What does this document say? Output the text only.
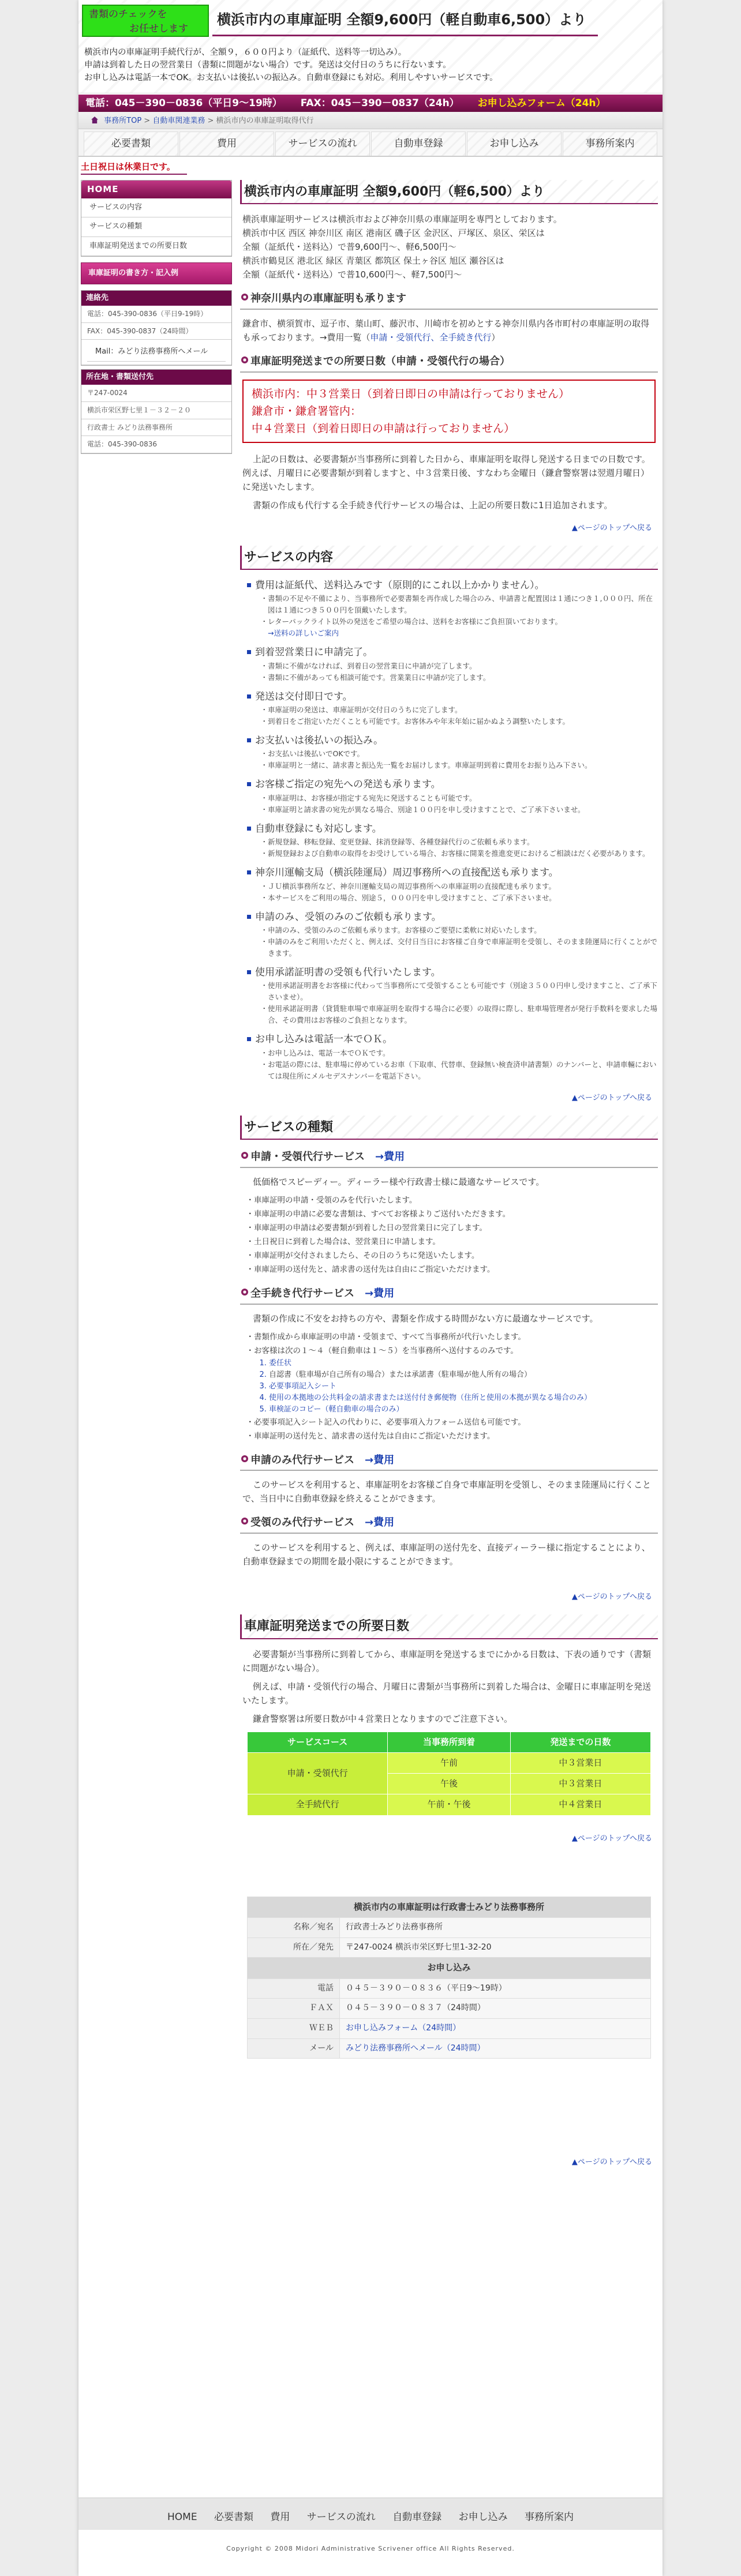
書類のチェックを
お任せします
横浜市内の車庫証明 全額9,600円（軽自動車6,500）より
横浜市内の車庫証明手続代行が、全額９，６００円より（証紙代、送料等一切込み）。
申請は到着した日の翌営業日（書類に問題がない場合）です。発送は交付日のうちに行ないます。
お申し込みは電話一本でOK。お支払いは後払いの振込み。自動車登録にも対応。利用しやすいサービスです。
電話：045－390－0836（平日9～19時） FAX：045－390－0837（24h） お申し込みフォーム（24h）
事務所TOP > 自動車関連業務 > 横浜市内の車庫証明取得代行
必要書類	費用	サービスの流れ	自動車登録	お申し込み	事務所案内
土日祝日は休業日です。
HOME
サービスの内容
サービスの種類
車庫証明発送までの所要日数
車庫証明の書き方・記入例
連絡先
電話：045-390-0836（平日9-19時）
FAX：045-390-0837（24時間）
Mail：みどり法務事務所へメール
所在地・書類送付先
〒247-0024
横浜市栄区野七里１－３２－２０
行政書士 みどり法務事務所
電話：045-390-0836
横浜市内の車庫証明 全額9,600円（軽6,500）より
横浜車庫証明サービスは横浜市および神奈川県の車庫証明を専門としております。
横浜市中区 西区 神奈川区 南区 港南区 磯子区 金沢区、戸塚区、泉区、栄区は
全額（証紙代・送料込）で普9,600円〜、軽6,500円〜
横浜市鶴見区 港北区 緑区 青葉区 都筑区 保土ヶ谷区 旭区 瀬谷区は
全額（証紙代・送料込）で普10,600円〜、軽7,500円〜
神奈川県内の車庫証明も承ります

鎌倉市、横須賀市、逗子市、葉山町、藤沢市、川崎市を初めとする神奈川県内各市町村の車庫証明の取得も承っております。→費用一覧（申請・受領代行、全手続き代行）

車庫証明発送までの所要日数（申請・受領代行の場合）
横浜市内：中３営業日（到着日即日の申請は行っておりません）
鎌倉市・鎌倉署管内：
中４営業日（到着日即日の申請は行っておりません）

上記の日数は、必要書類が当事務所に到着した日から、車庫証明を取得し発送する日までの日数です。例えば、月曜日に必要書類が到着しますと、中３営業日後、すなわち金曜日（鎌倉警察署は翌週月曜日）に発送いたします。

書類の作成も代行する全手続き代行サービスの場合は、上記の所要日数に1日追加されます。

▲ページのトップへ戻る
サービスの内容
費用は証紙代、送料込みです（原則的にこれ以上かかりません）。
・ 書類の不足や不備により、当事務所で必要書類を再作成した場合のみ、申請書と配置図は１通につき１,０００円、所在図は１通につき５００円を頂戴いたします。
・ レターパックライト以外の発送をご希望の場合は、送料をお客様にご負担頂いております。
→送料の詳しいご案内
到着翌営業日に申請完了。
・ 書類に不備がなければ、到着日の翌営業日に申請が完了します。
・ 書類に不備があっても相談可能です。営業業日に申請が完了します。
発送は交付即日です。
・ 車庫証明の発送は、車庫証明が交付日のうちに完了します。
・ 到着日をご指定いただくことも可能です。お客休みや年末年始に届かぬよう調整いたします。
お支払いは後払いの振込み。
・ お支払いは後払いでOKです。
・ 車庫証明と一緒に、請求書と振込先一覧をお届けします。車庫証明到着に費用をお振り込み下さい。
お客様ご指定の宛先への発送も承ります。
・ 車庫証明は、お客様が指定する宛先に発送することも可能です。
・ 車庫証明と請求書の宛先が異なる場合、別途１００円を申し受けますことで、ご了承下さいませ。
自動車登録にも対応します。
・ 新規登録、移転登録、変更登録、抹消登録等、各種登録代行のご依頼も承ります。
・ 新規登録および自動車の取得をお受けしている場合、お客様に開業を推進変更におけるご相談はだく必要があります。
神奈川運輸支局（横浜陸運局）周辺事務所への直接配送も承ります。
・ ＪＵ横浜事務所など、神奈川運輸支局の周辺事務所への車庫証明の直接配達も承ります。
・ 本サービスをご利用の場合、別途５，０００円を申し受けますこと、ご了承下さいませ。
申請のみ、受領のみのご依頼も承ります。
・ 申請のみ、受領のみのご依頼も承ります。お客様のご要望に柔軟に対応いたします。
・ 申請のみをご利用いただくと、例えば、交付日当日にお客様ご自身で車庫証明を受領し、そのまま陸運局に行くことができます。
使用承諾証明書の受領も代行いたします。
・ 使用承諾証明書をお客様に代わって当事務所にて受領することも可能です（別途３５００円申し受けますこと、ご了承下さいませ）。
・ 使用承諾証明書（貸賃駐車場で車庫証明を取得する場合に必要）の取得に際し、駐車場管理者が発行手数料を要求した場合、その費用はお客様のご負担となります。
お申し込みは電話一本でＯＫ。
・ お申し込みは、電話一本でＯＫです。
・ お電話の際には、駐車場に停めているお車（下取車、代替車、登録無い検査済申請書類）のナンバーと、申請車輛においては現住所にメルセデスナンバーを電話下さい。
▲ページのトップへ戻る
サービスの種類
申請・受領代行サービス　 →費用

低価格でスピーディー。ディーラー様や行政書士様に最適なサービスです。

・ 車庫証明の申請・受領のみを代行いたします。
・ 車庫証明の申請に必要な書類は、すべてお客様よりご送付いただきます。
・ 車庫証明の申請は必要書類が到着した日の翌営業日に完了します。
・ 土日祝日に到着した場合は、翌営業日に申請します。
・ 車庫証明が交付されましたら、その日のうちに発送いたします。
・ 車庫証明の送付先と、請求書の送付先は自由にご指定いただけます。
全手続き代行サービス　 →費用

書類の作成に不安をお持ちの方や、書類を作成する時間がない方に最適なサービスです。

・ 書類作成から車庫証明の申請・受領まで、すべて当事務所が代行いたします。
・ お客様は次の１～４（軽自動車は１～５）を当事務所へ送付するのみです。
1. 委任状
2. 自認書（駐車場が自己所有の場合）または承諾書（駐車場が他人所有の場合）
3. 必要事項記入シート
4. 使用の本拠地の公共料金の請求書または送付付き郵便物（住所と使用の本拠が異なる場合のみ）
5. 車検証のコピー（軽自動車の場合のみ）
・ 必要事項記入シート記入の代わりに、必要事項入力フォーム送信も可能です。
・ 車庫証明の送付先と、請求書の送付先は自由にご指定いただけます。
申請のみ代行サービス　 →費用

このサービスを利用すると、車庫証明をお客様ご自身で車庫証明を受領し、そのまま陸運局に行くことで、当日中に自動車登録を終えることができます。

受領のみ代行サービス　 →費用

このサービスを利用すると、例えば、車庫証明の送付先を、直接ディーラー様に指定することにより、自動車登録までの期間を最小限にすることができます。

▲ページのトップへ戻る
車庫証明発送までの所要日数

必要書類が当事務所に到着してから、車庫証明を発送するまでにかかる日数は、下表の通りです（書類に問題がない場合）。

例えば、申請・受領代行の場合、月曜日に書類が当事務所に到着した場合は、金曜日に車庫証明を発送いたします。

鎌倉警察署は所要日数が中４営業日となりますのでご注意下さい。

サービスコース	当事務所到着	発送までの日数
申請・受領代行	午前	中３営業日
	午後	中３営業日
全手続代行	午前・午後	中４営業日
▲ページのトップへ戻る
横浜市内の車庫証明は行政書士みどり法務事務所	
名称／宛名	行政書士みどり法務事務所
所在／発先	〒247-0024 横浜市栄区野七里1-32-20
お申し込み	
電話	０４５－３９０－０８３６（平日9～19時）
ＦＡＸ	０４５－３９０－０８３７（24時間）
ＷＥＢ	お申し込みフォーム（24時間）
メール	みどり法務事務所へメール（24時間）
▲ページのトップへ戻る
HOME 必要書類 費用 サービスの流れ 自動車登録 お申し込み 事務所案内
Copyright © 2008 Midori Administrative Scrivener office All Rights Reserved.
